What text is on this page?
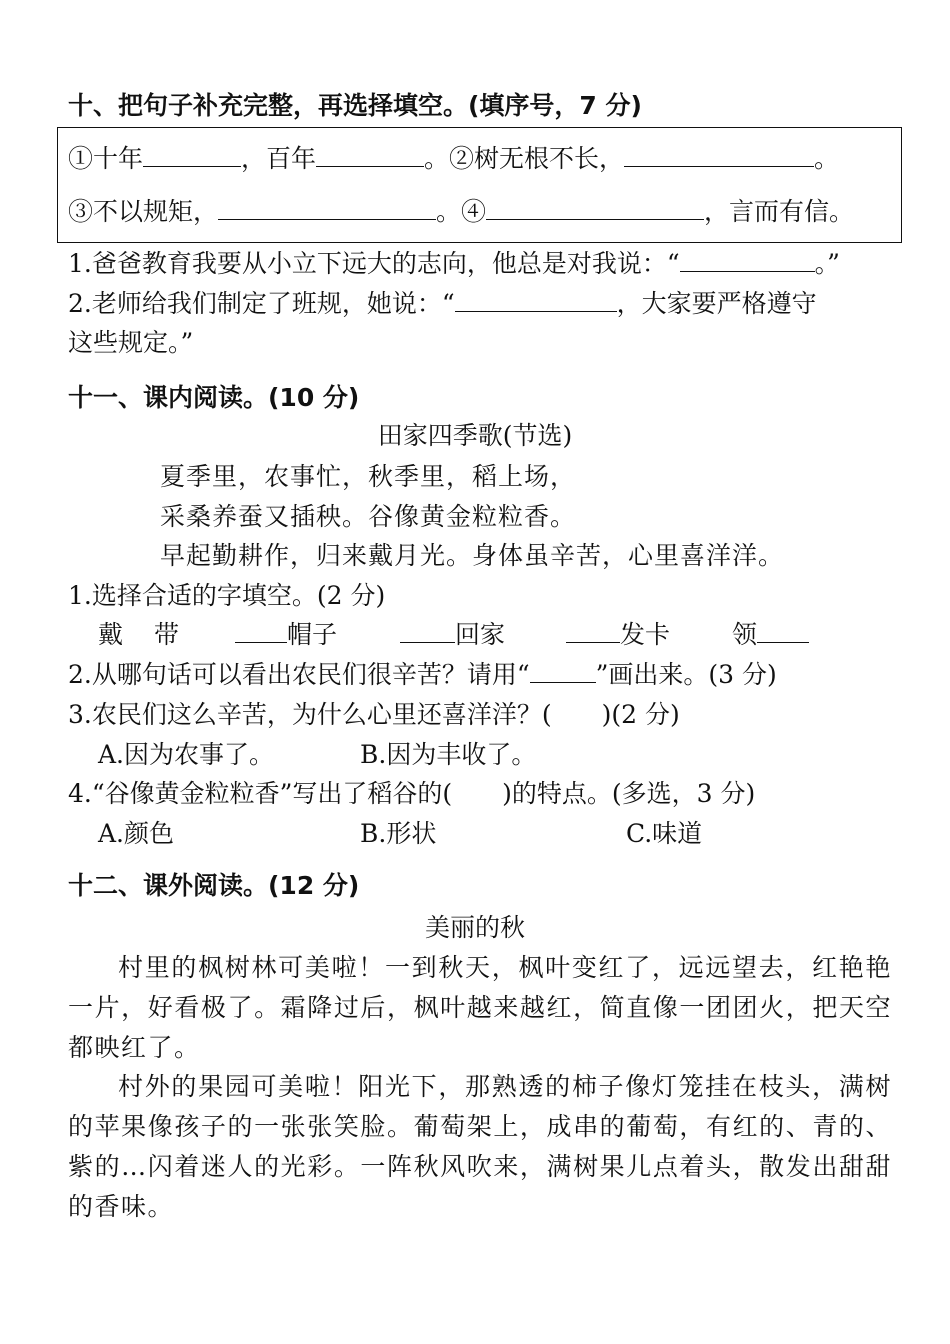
十、把句子补充完整，再选择填空。(填序号，7 分)
①十年	，百年	。②树无根不长，	。
③不以规矩，	。④	，言而有信。
1.爸爸教育我要从小立下远大的志向，他总是对我说：“	。”
2.老师给我们制定了班规，她说：“	，大家要严格遵守
这些规定。”
十一、课内阅读。(10 分)
田家四季歌(节选)
夏季里，农事忙，秋季里，稻上场，
采桑养蚕又插秧。谷像黄金粒粒香。
早起勤耕作，归来戴月光。身体虽辛苦，心里喜洋洋。
1.选择合适的字填空。(2 分)
戴 带	帽子	回家	发卡 领
2.从哪句话可以看出农民们很辛苦？请用“	”画出来。(3 分)
3.农民们这么辛苦，为什么心里还喜洋洋？(　　)(2 分)
A.因为农事了。	B.因为丰收了。
4.“谷像黄金粒粒香”写出了稻谷的(　　)的特点。(多选，3 分)
A.颜色	B.形状	C.味道
十二、课外阅读。(12 分)
美丽的秋
村里的枫树林可美啦！一到秋天，枫叶变红了，远远望去，红艳艳一片，好看极了。霜降过后，枫叶越来越红，简直像一团团火，把天空都映红了。
村外的果园可美啦！阳光下，那熟透的柿子像灯笼挂在枝头，满树的苹果像孩子的一张张笑脸。葡萄架上，成串的葡萄，有红的、青的、紫的…闪着迷人的光彩。一阵秋风吹来，满树果儿点着头，散发出甜甜的香味。
